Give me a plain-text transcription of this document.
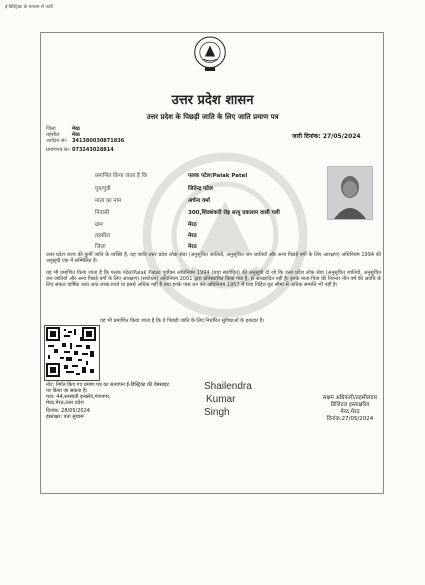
ई-डिस्ट्रिक्ट के माध्यम से जारी
उत्तर प्रदेश शासन
उत्तर प्रदेश के पिछड़ी जाति के लिए जाति प्रमाण पत्र
जिला	मेरठ
तहसील	मेरठ
आवेदन सं०	341380030871836
प्रमाणपत्र सं० 073243028814
जारी दिनांक: 27/05/2024
प्रमाणित किया जाता है कि	पलक पटेल/Palak Patel
पुत्र/पुत्री	जितेन्द्र पटेल
माता का नाम	अर्चना वर्मा
निवासी	300,शिवशंकरी रोड़ सत्यु प्रकाशम वाली गली
ग्राम	मेरठ
तहसील	मेरठ
जिला	मेरठ
उत्तर प्रदेश राज्य की कुर्मी जाति के व्यक्ति हैं, यह जाति उत्तर प्रदेश लोक सेवा (अनुसूचित जातियों, अनुसूचित जन जातियों और अन्य पिछड़े वर्गों के लिए आरक्षण) अधिनियम 1994 की अनुसूची एक में सम्मिलित है।
यह भी प्रमाणित किया जाता है कि पलक पटेल/Palak Patel पूर्वोक्त अधिनियम 1994 (यथा संशोधित) की अनुसूची दो जो कि उत्तर प्रदेश लोक सेवा (अनुसूचित जातियों, अनुसूचित जन जातियों और अन्य पिछड़े वर्गों के लिए आरक्षण) (संशोधन) अधिनियम 2001 द्वारा प्रतिस्थापित किया गया है, से आच्छादित नहीं है। इनके माता-पिता की निरन्तर तीन वर्ष की अवधि के लिए सकल वार्षिक आय आठ लाख रुपये या इससे अधिक नहीं है तथा इनके पास धन कर अधिनियम 1957 में यथा विहित छूट सीमा से अधिक सम्पत्ति भी नहीं है।
यह भी प्रमाणित किया जाता है कि वे पिछड़ी जाति के लिए निर्धारित सुविधाओं के हकदार हैं।
नोट: निर्गत किए गए प्रमाण पत्र का सत्यापन ई-डिस्ट्रिक्ट की वेबसाइट
पर किया जा सकता है।
पता: 44,सरस्वती इन्क्लेव,गंगानगर,
मेरठ,मेरठ,उत्तर प्रदेश
दिनांक: 28/05/2024
हस्ताक्षर: पता सुचारू
Shailendra
Kumar
Singh
सक्षम अधिकारी/तहसीलदार
डिजिटल हस्ताक्षरित
मेरठ,मेरठ
दिनांक:27/05/2024
